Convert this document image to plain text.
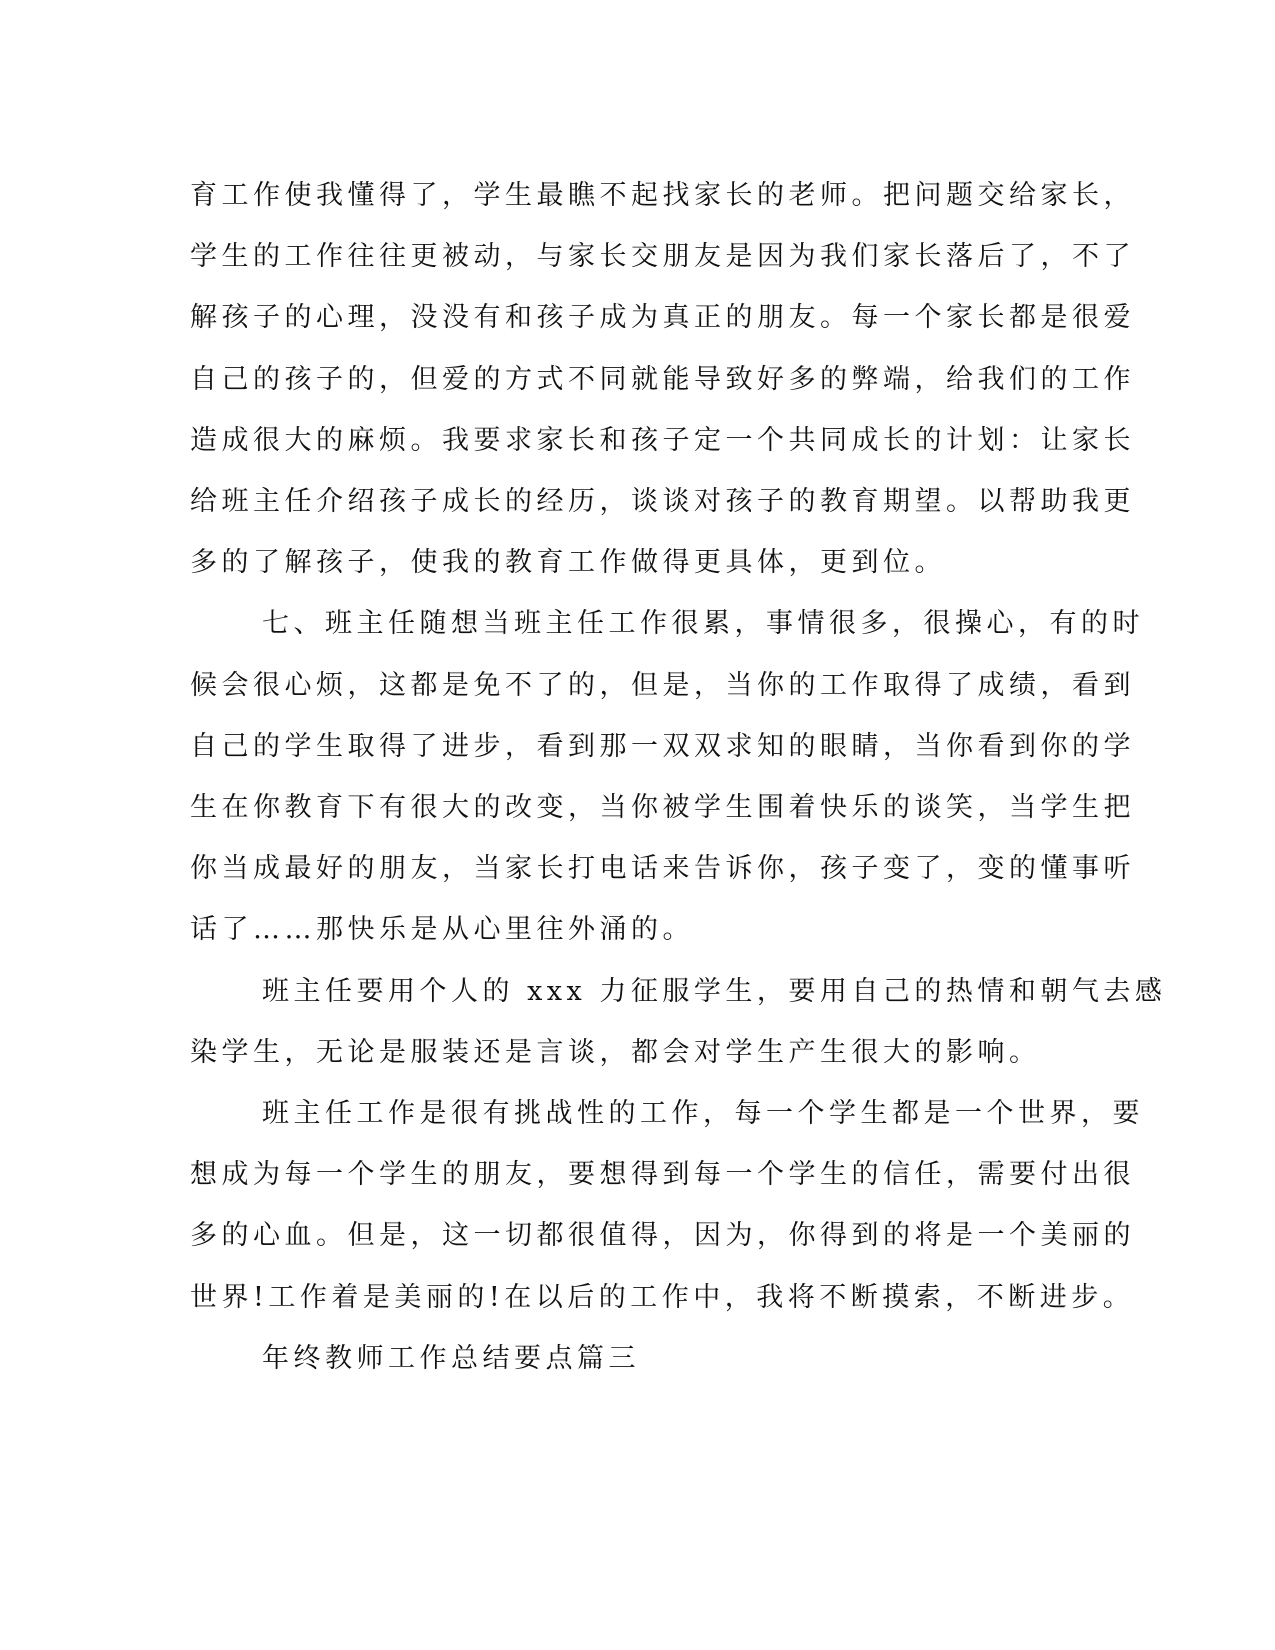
育工作使我懂得了，学生最瞧不起找家长的老师。把问题交给家长，
学生的工作往往更被动，与家长交朋友是因为我们家长落后了，不了
解孩子的心理，没没有和孩子成为真正的朋友。每一个家长都是很爱
自己的孩子的，但爱的方式不同就能导致好多的弊端，给我们的工作
造成很大的麻烦。我要求家长和孩子定一个共同成长的计划：让家长
给班主任介绍孩子成长的经历，谈谈对孩子的教育期望。以帮助我更
多的了解孩子，使我的教育工作做得更具体，更到位。
七、班主任随想当班主任工作很累，事情很多，很操心，有的时
候会很心烦，这都是免不了的，但是，当你的工作取得了成绩，看到
自己的学生取得了进步，看到那一双双求知的眼睛，当你看到你的学
生在你教育下有很大的改变，当你被学生围着快乐的谈笑，当学生把
你当成最好的朋友，当家长打电话来告诉你，孩子变了，变的懂事听
话了……那快乐是从心里往外涌的。
班主任要用个人的 xxx 力征服学生，要用自己的热情和朝气去感
染学生，无论是服装还是言谈，都会对学生产生很大的影响。
班主任工作是很有挑战性的工作，每一个学生都是一个世界，要
想成为每一个学生的朋友，要想得到每一个学生的信任，需要付出很
多的心血。但是，这一切都很值得，因为，你得到的将是一个美丽的
世界!工作着是美丽的!在以后的工作中，我将不断摸索，不断进步。
年终教师工作总结要点篇三
